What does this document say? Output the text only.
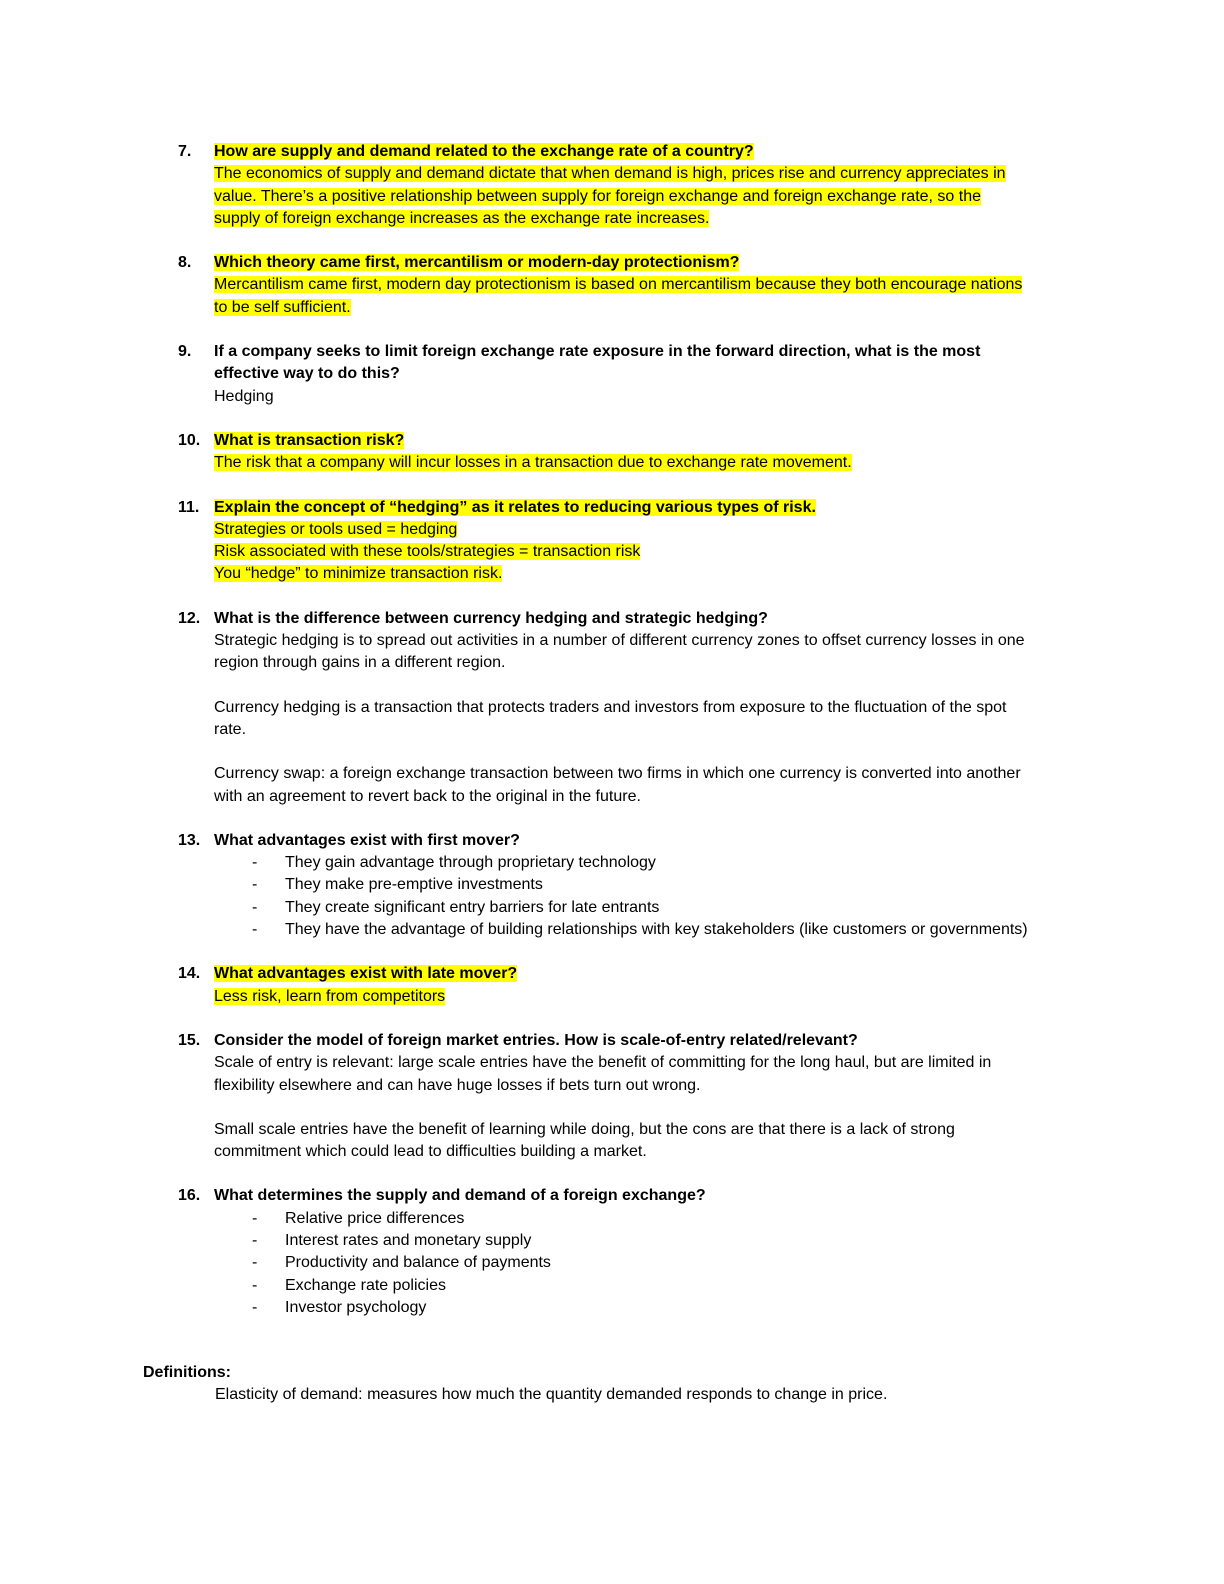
7. How are supply and demand related to the exchange rate of a country?
The economics of supply and demand dictate that when demand is high, prices rise and currency appreciates in
value. There’s a positive relationship between supply for foreign exchange and foreign exchange rate, so the
supply of foreign exchange increases as the exchange rate increases.
8. Which theory came first, mercantilism or modern-day protectionism?
Mercantilism came first, modern day protectionism is based on mercantilism because they both encourage nations
to be self sufficient.
9. If a company seeks to limit foreign exchange rate exposure in the forward direction, what is the most
effective way to do this?
Hedging
10. What is transaction risk?
The risk that a company will incur losses in a transaction due to exchange rate movement.
11. Explain the concept of “hedging” as it relates to reducing various types of risk.
Strategies or tools used = hedging
Risk associated with these tools/strategies = transaction risk
You “hedge” to minimize transaction risk.
12. What is the difference between currency hedging and strategic hedging?
Strategic hedging is to spread out activities in a number of different currency zones to offset currency losses in one
region through gains in a different region.
Currency hedging is a transaction that protects traders and investors from exposure to the fluctuation of the spot
rate.
Currency swap: a foreign exchange transaction between two firms in which one currency is converted into another
with an agreement to revert back to the original in the future.
13. What advantages exist with first mover?
- They gain advantage through proprietary technology
- They make pre-emptive investments
- They create significant entry barriers for late entrants
- They have the advantage of building relationships with key stakeholders (like customers or governments)
14. What advantages exist with late mover?
Less risk, learn from competitors
15. Consider the model of foreign market entries. How is scale-of-entry related/relevant?
Scale of entry is relevant: large scale entries have the benefit of committing for the long haul, but are limited in
flexibility elsewhere and can have huge losses if bets turn out wrong.
Small scale entries have the benefit of learning while doing, but the cons are that there is a lack of strong
commitment which could lead to difficulties building a market.
16. What determines the supply and demand of a foreign exchange?
- Relative price differences
- Interest rates and monetary supply
- Productivity and balance of payments
- Exchange rate policies
- Investor psychology
Definitions:
Elasticity of demand: measures how much the quantity demanded responds to change in price.
